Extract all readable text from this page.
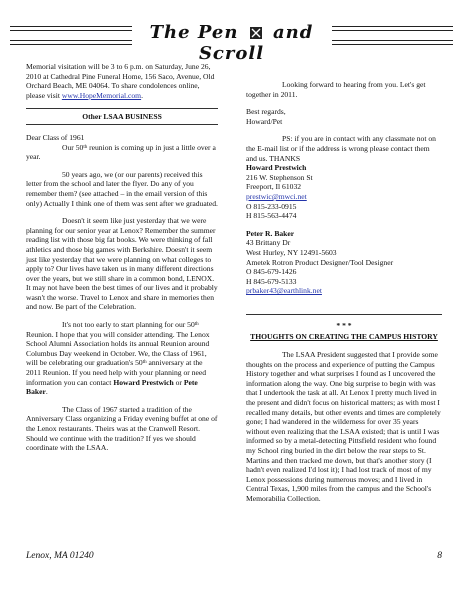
The Pen and Scroll

Memorial visitation will be 3 to 6 p.m. on Saturday, June 26, 2010 at Cathedral Pine Funeral Home, 156 Saco, Avenue, Old Orchard Beach, ME 04064. To share condolences online, please visit www.HopeMemorial.com.

Other LSAA BUSINESS

Dear Class of 1961

Our 50th reunion is coming up in just a little over a year.

50 years ago, we (or our parents) received this letter from the school and later the flyer. Do any of you remember them? (see attached – in the email version of this only) Actually I think one of them was sent after we graduated.

Doesn't it seem like just yesterday that we were planning for our senior year at Lenox? Remember the summer reading list with those big fat books. We were thinking of fall athletics and those big games with Berkshire. Doesn't it seem just like yesterday that we were planning on what colleges to apply to? Our lives have taken us in many different directions over the years, but we still share in a common bond, LENOX. It may not have been the best times of our lives and it probably wasn't the worse. Travel to Lenox and share in memories then and now. Be part of the Celebration.

It's not too early to start planning for our 50th Reunion. I hope that you will consider attending. The Lenox School Alumni Association holds its annual Reunion around Columbus Day weekend in October. We, the Class of 1961, will be celebrating our graduation's 50th anniversary at the 2011 Reunion. If you need help with your planning or need information you can contact Howard Prestwich or Pete Baker.

The Class of 1967 started a tradition of the Anniversary Class organizing a Friday evening buffet at one of the Lenox restaurants. Theirs was at the Cranwell Resort. Should we continue with the tradition? If yes we should coordinate with the LSAA.

Looking forward to hearing from you. Let's get together in 2011.

Best regards,
Howard/Pet

PS: if you are in contact with any classmate not on the E-mail list or if the address is wrong please contact them and us. THANKS

Howard Prestwich
216 W. Stephenson St
Freeport, Il 61032
prestwic@mwci.net
O 815-233-0915
H 815-563-4474

Peter R. Baker
43 Brittany Dr
West Hurley, NY 12491-5603
Ametek Rotron Product Designer/Tool Designer
O 845-679-1426
H 845-679-5133
prbaker43@earthlink.net

* * *

THOUGHTS ON CREATING THE CAMPUS HISTORY

The LSAA President suggested that I provide some thoughts on the process and experience of putting the Campus History together and what surprises I found as I uncovered the information along the way. One big surprise to begin with was that I undertook the task at all. At Lenox I pretty much lived in the present and didn't focus on historical matters; as with most I recalled many details, but other events and times are completely gone; I had wandered in the wilderness for over 35 years without even realizing that the LSAA existed; that is until I was informed so by a metal-detecting Pittsfield resident who found my School ring buried in the dirt below the rear steps to St. Martins and then tracked me down, but that's another story (I hadn't even realized I'd lost it); I had lost track of most of my Lenox possessions during numerous moves; and I lived in Central Texas, 1,900 miles from the campus and the School's Memorabilia Collection.

Lenox, MA 01240	8
